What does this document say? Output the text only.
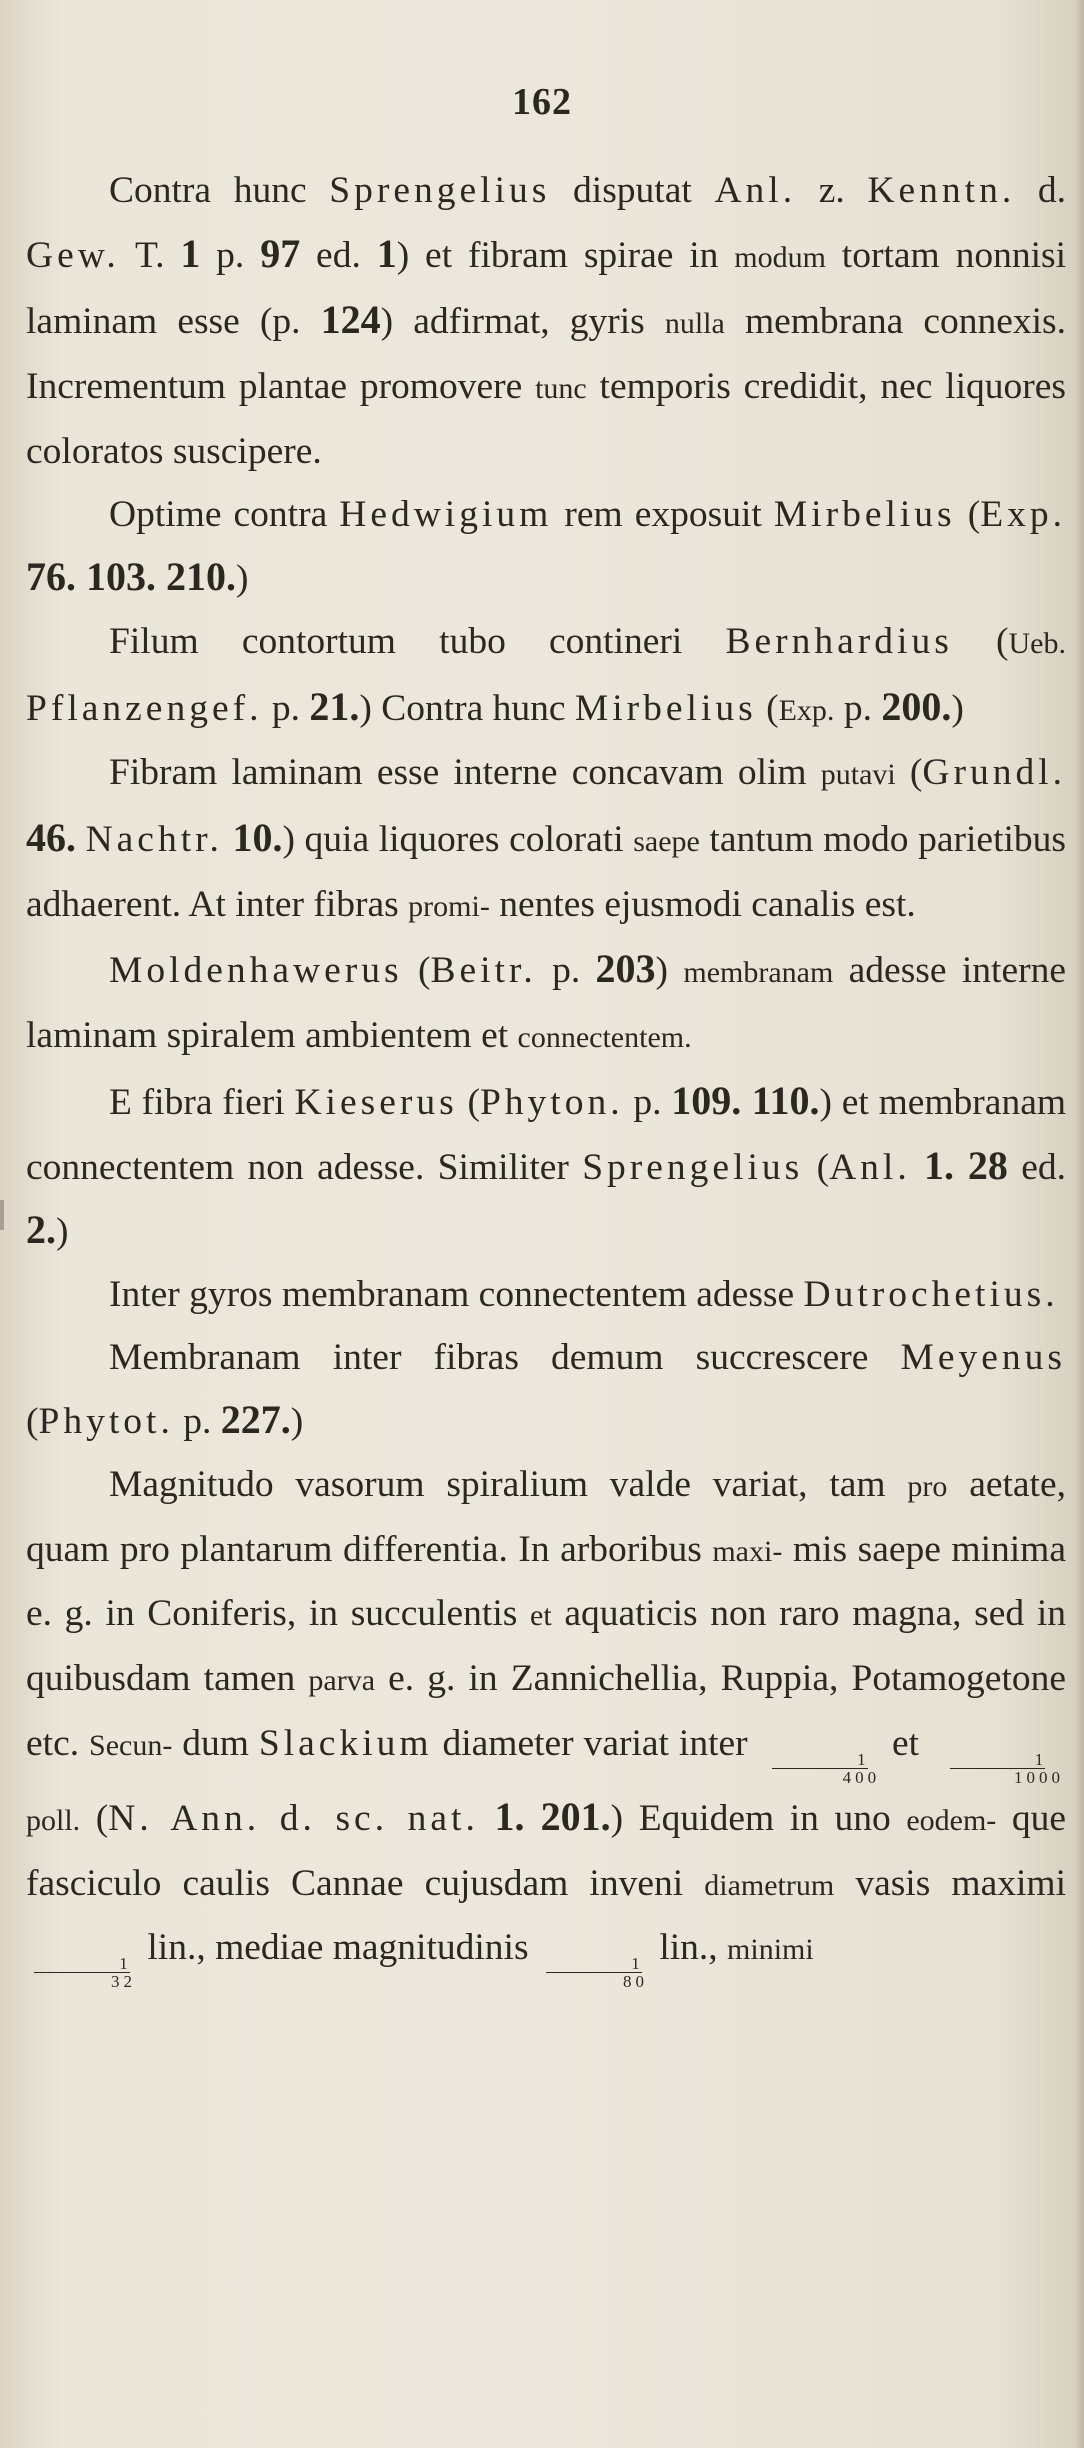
162

Contra hunc Sprengelius disputat Anl. z. Kenntn. d. Gew. T. 1 p. 97 ed. 1) et fibram spirae in modum tortam nonnisi laminam esse (p. 124) adfirmat, gyris nulla membrana connexis. Incrementum plantae promovere tunc temporis credidit, nec liquores coloratos suscipere.

Optime contra Hedwigium rem exposuit Mirbelius (Exp. 76. 103. 210.)

Filum contortum tubo contineri Bernhardius (Ueb. Pflanzengef. p. 21.) Contra hunc Mirbelius (Exp. p. 200.)

Fibram laminam esse interne concavam olim putavi (Grundl. 46. Nachtr. 10.) quia liquores colorati saepe tantum modo parietibus adhaerent. At inter fibras promi- nentes ejusmodi canalis est.

Moldenhawerus (Beitr. p. 203) membranam adesse interne laminam spiralem ambientem et connectentem.

E fibra fieri Kieserus (Phyton. p. 109. 110.) et membranam connectentem non adesse. Similiter Sprengelius (Anl. 1. 28 ed. 2.)

Inter gyros membranam connectentem adesse Dutrochetius.

Membranam inter fibras demum succrescere Meyenus (Phytot. p. 227.)

Magnitudo vasorum spiralium valde variat, tam pro aetate, quam pro plantarum differentia. In arboribus maxi- mis saepe minima e. g. in Coniferis, in succulentis et aquaticis non raro magna, sed in quibusdam tamen parva e. g. in Zannichellia, Ruppia, Potamogetone etc. Secun- dum Slackium diameter variat inter
$\frac{1}{400}$
et
$\frac{1}{1000}$
poll. (N. Ann. d. sc. nat. 1. 201.) Equidem in uno eodem- que fasciculo caulis Cannae cujusdam inveni diametrum vasis maximi
$\frac{1}{32}$
lin., mediae magnitudinis
$\frac{1}{80}$
lin., minimi
